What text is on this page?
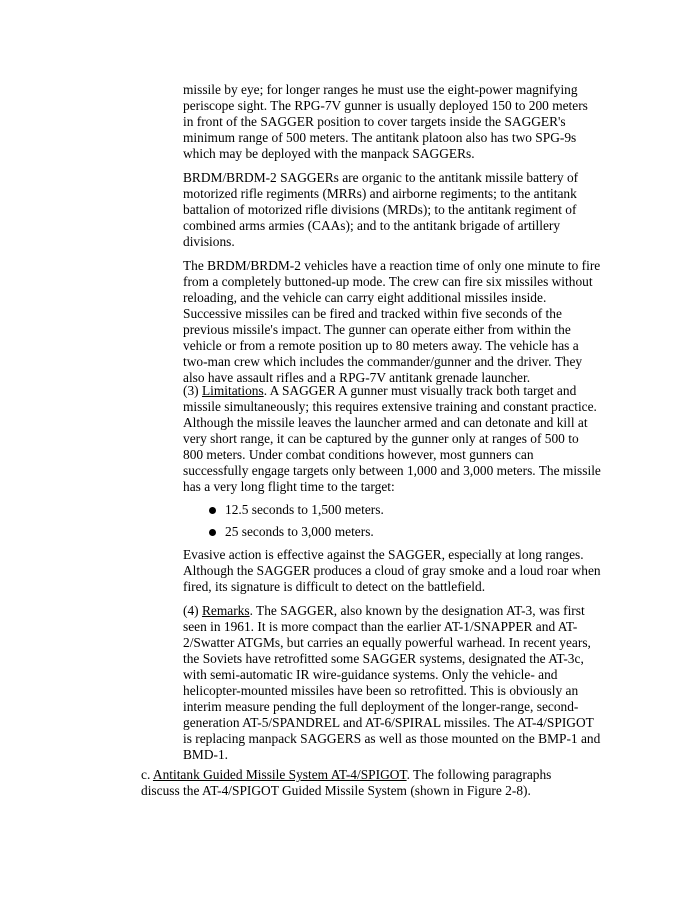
missile by eye; for longer ranges he must use the eight-power magnifying periscope sight. The RPG-7V gunner is usually deployed 150 to 200 meters in front of the SAGGER position to cover targets inside the SAGGER's minimum range of 500 meters. The antitank platoon also has two SPG-9s which may be deployed with the manpack SAGGERs.

BRDM/BRDM-2 SAGGERs are organic to the antitank missile battery of motorized rifle regiments (MRRs) and airborne regiments; to the antitank battalion of motorized rifle divisions (MRDs); to the antitank regiment of combined arms armies (CAAs); and to the antitank brigade of artillery divisions.

The BRDM/BRDM-2 vehicles have a reaction time of only one minute to fire from a completely buttoned-up mode. The crew can fire six missiles without reloading, and the vehicle can carry eight additional missiles inside. Successive missiles can be fired and tracked within five seconds of the previous missile's impact. The gunner can operate either from within the vehicle or from a remote position up to 80 meters away. The vehicle has a two-man crew which includes the commander/gunner and the driver. They also have assault rifles and a RPG-7V antitank grenade launcher.

(3) Limitations. A SAGGER A gunner must visually track both target and missile simultaneously; this requires extensive training and constant practice. Although the missile leaves the launcher armed and can detonate and kill at very short range, it can be captured by the gunner only at ranges of 500 to 800 meters. Under combat conditions however, most gunners can successfully engage targets only between 1,000 and 3,000 meters. The missile has a very long flight time to the target:

12.5 seconds to 1,500 meters.
25 seconds to 3,000 meters.

Evasive action is effective against the SAGGER, especially at long ranges. Although the SAGGER produces a cloud of gray smoke and a loud roar when fired, its signature is difficult to detect on the battlefield.

(4) Remarks. The SAGGER, also known by the designation AT-3, was first seen in 1961. It is more compact than the earlier AT-1/SNAPPER and AT-2/Swatter ATGMs, but carries an equally powerful warhead. In recent years, the Soviets have retrofitted some SAGGER systems, designated the AT-3c, with semi-automatic IR wire-guidance systems. Only the vehicle- and helicopter-mounted missiles have been so retrofitted. This is obviously an interim measure pending the full deployment of the longer-range, second-generation AT-5/SPANDREL and AT-6/SPIRAL missiles. The AT-4/SPIGOT is replacing manpack SAGGERS as well as those mounted on the BMP-1 and BMD-1.

c. Antitank Guided Missile System AT-4/SPIGOT. The following paragraphs discuss the AT-4/SPIGOT Guided Missile System (shown in Figure 2-8).
